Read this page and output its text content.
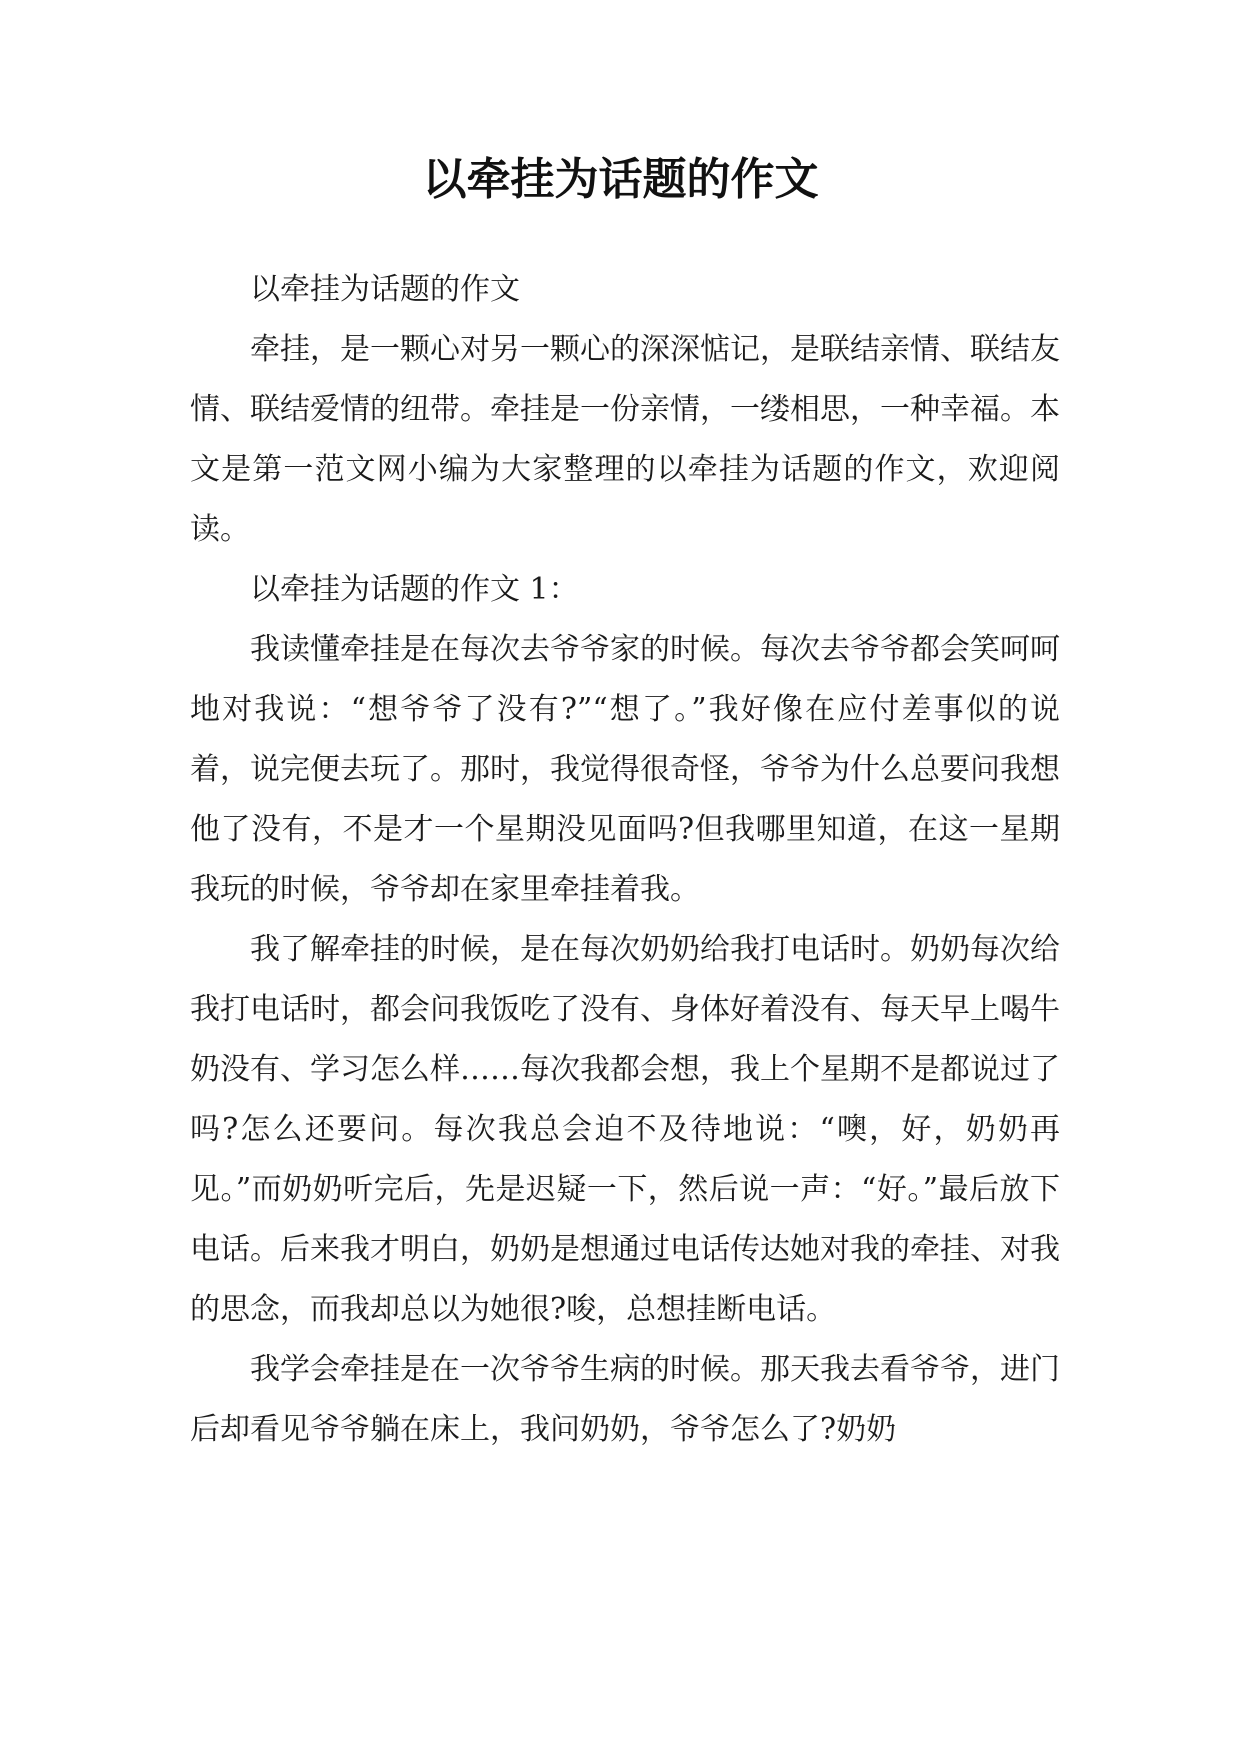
以牵挂为话题的作文

以牵挂为话题的作文

牵挂，是一颗心对另一颗心的深深惦记，是联结亲情、联结友情、联结爱情的纽带。牵挂是一份亲情，一缕相思，一种幸福。本文是第一范文网小编为大家整理的以牵挂为话题的作文，欢迎阅读。

以牵挂为话题的作文 1：

我读懂牵挂是在每次去爷爷家的时候。每次去爷爷都会笑呵呵地对我说：“想爷爷了没有?”“想了。”我好像在应付差事似的说着，说完便去玩了。那时，我觉得很奇怪，爷爷为什么总要问我想他了没有，不是才一个星期没见面吗?但我哪里知道，在这一星期我玩的时候，爷爷却在家里牵挂着我。

我了解牵挂的时候，是在每次奶奶给我打电话时。奶奶每次给我打电话时，都会问我饭吃了没有、身体好着没有、每天早上喝牛奶没有、学习怎么样……每次我都会想，我上个星期不是都说过了吗?怎么还要问。每次我总会迫不及待地说：“噢，好，奶奶再见。”而奶奶听完后，先是迟疑一下，然后说一声：“好。”最后放下电话。后来我才明白，奶奶是想通过电话传达她对我的牵挂、对我的思念，而我却总以为她很?唆，总想挂断电话。

我学会牵挂是在一次爷爷生病的时候。那天我去看爷爷，进门后却看见爷爷躺在床上，我问奶奶，爷爷怎么了?奶奶
